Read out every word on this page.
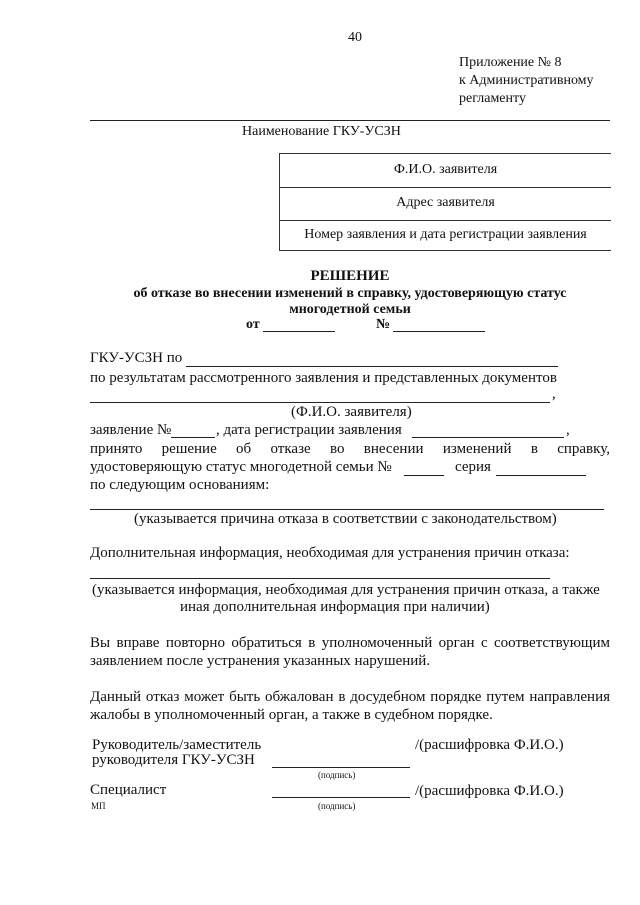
40
Приложение № 8
к Административному
регламенту
Наименование ГКУ-УСЗН
Ф.И.О. заявителя
Адрес заявителя
Номер заявления и дата регистрации заявления
РЕШЕНИЕ
об отказе во внесении изменений в справку, удостоверяющую статус
многодетной семьи
от	№
ГКУ-УСЗН по
по результатам рассмотренного заявления и представленных документов
,
(Ф.И.О. заявителя)
заявление №	, дата регистрации заявления	,
принято решение об отказе во внесении изменений в справку,
удостоверяющую статус многодетной семьи №	серия
по следующим основаниям:
(указывается причина отказа в соответствии с законодательством)
Дополнительная информация, необходимая для устранения причин отказа:
(указывается информация, необходимая для устранения причин отказа, а также
иная дополнительная информация при наличии)
Вы вправе повторно обратиться в уполномоченный орган с соответствующим
заявлением после устранения указанных нарушений.
Данный отказ может быть обжалован в досудебном порядке путем направления
жалобы в уполномоченный орган, а также в судебном порядке.
Руководитель/заместитель
руководителя ГКУ-УСЗН
/(расшифровка Ф.И.О.)
(подпись)
Специалист	/(расшифровка Ф.И.О.)
МП	(подпись)
